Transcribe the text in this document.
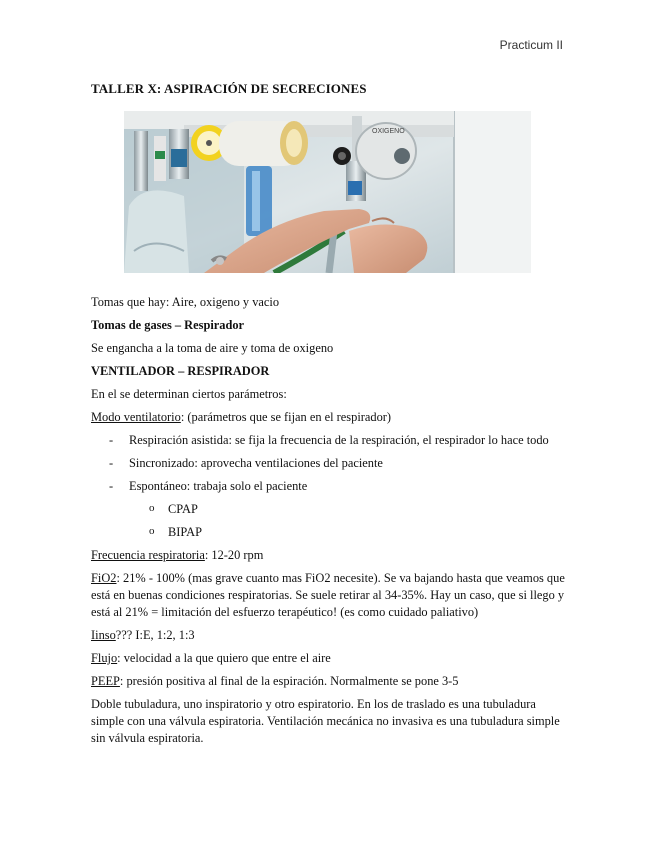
Practicum II
TALLER X: ASPIRACIÓN DE SECRECIONES
OXIGENO

Tomas que hay: Aire, oxigeno y vacio

Tomas de gases – Respirador

Se engancha a la toma de aire y toma de oxigeno

VENTILADOR – RESPIRADOR

En el se determinan ciertos parámetros:

Modo ventilatorio: (parámetros que se fijan en el respirador)

- Respiración asistida: se fija la frecuencia de la respiración, el respirador lo hace todo
- Sincronizado: aprovecha ventilaciones del paciente
- Espontáneo: trabaja solo el paciente
o CPAP
o BIPAP

Frecuencia respiratoria: 12-20 rpm

FiO2: 21% - 100% (mas grave cuanto mas FiO2 necesite). Se va bajando hasta que veamos que está en buenas condiciones respiratorias. Se suele retirar al 34-35%. Hay un caso, que si llego y está al 21% = limitación del esfuerzo terapéutico! (es como cuidado paliativo)

Iinso??? I:E, 1:2, 1:3

Flujo: velocidad a la que quiero que entre el aire

PEEP: presión positiva al final de la espiración. Normalmente se pone 3-5

Doble tubuladura, uno inspiratorio y otro espiratorio. En los de traslado es una tubuladura simple con una válvula espiratoria. Ventilación mecánica no invasiva es una tubuladura simple sin válvula espiratoria.
